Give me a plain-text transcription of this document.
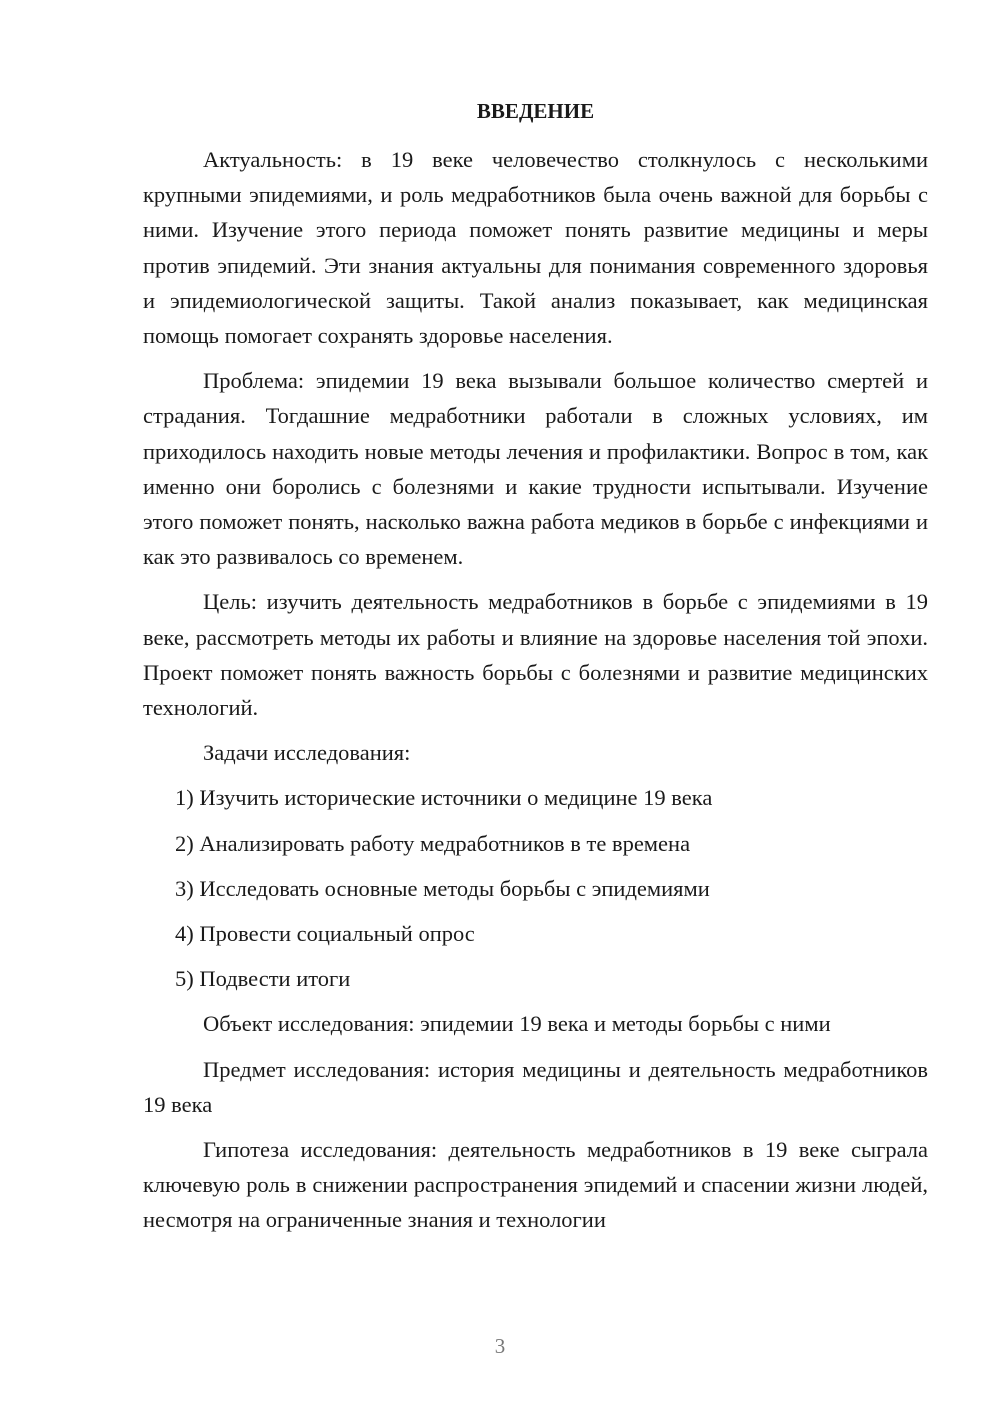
ВВЕДЕНИЕ

Актуальность: в 19 веке человечество столкнулось с несколькими крупными эпидемиями, и роль медработников была очень важной для борьбы с ними. Изучение этого периода поможет понять развитие медицины и меры против эпидемий. Эти знания актуальны для понимания современного здоровья и эпидемиологической защиты. Такой анализ показывает, как медицинская помощь помогает сохранять здоровье населения.

Проблема: эпидемии 19 века вызывали большое количество смертей и страдания. Тогдашние медработники работали в сложных условиях, им приходилось находить новые методы лечения и профилактики. Вопрос в том, как именно они боролись с болезнями и какие трудности испытывали. Изучение этого поможет понять, насколько важна работа медиков в борьбе с инфекциями и как это развивалось со временем.

Цель: изучить деятельность медработников в борьбе с эпидемиями в 19 веке, рассмотреть методы их работы и влияние на здоровье населения той эпохи. Проект поможет понять важность борьбы с болезнями и развитие медицинских технологий.

Задачи исследования:

1) Изучить исторические источники о медицине 19 века
2) Анализировать работу медработников в те времена
3) Исследовать основные методы борьбы с эпидемиями
4) Провести социальный опрос
5) Подвести итоги

Объект исследования: эпидемии 19 века и методы борьбы с ними

Предмет исследования: история медицины и деятельность медработников 19 века

Гипотеза исследования: деятельность медработников в 19 веке сыграла ключевую роль в снижении распространения эпидемий и спасении жизни людей, несмотря на ограниченные знания и технологии

3
